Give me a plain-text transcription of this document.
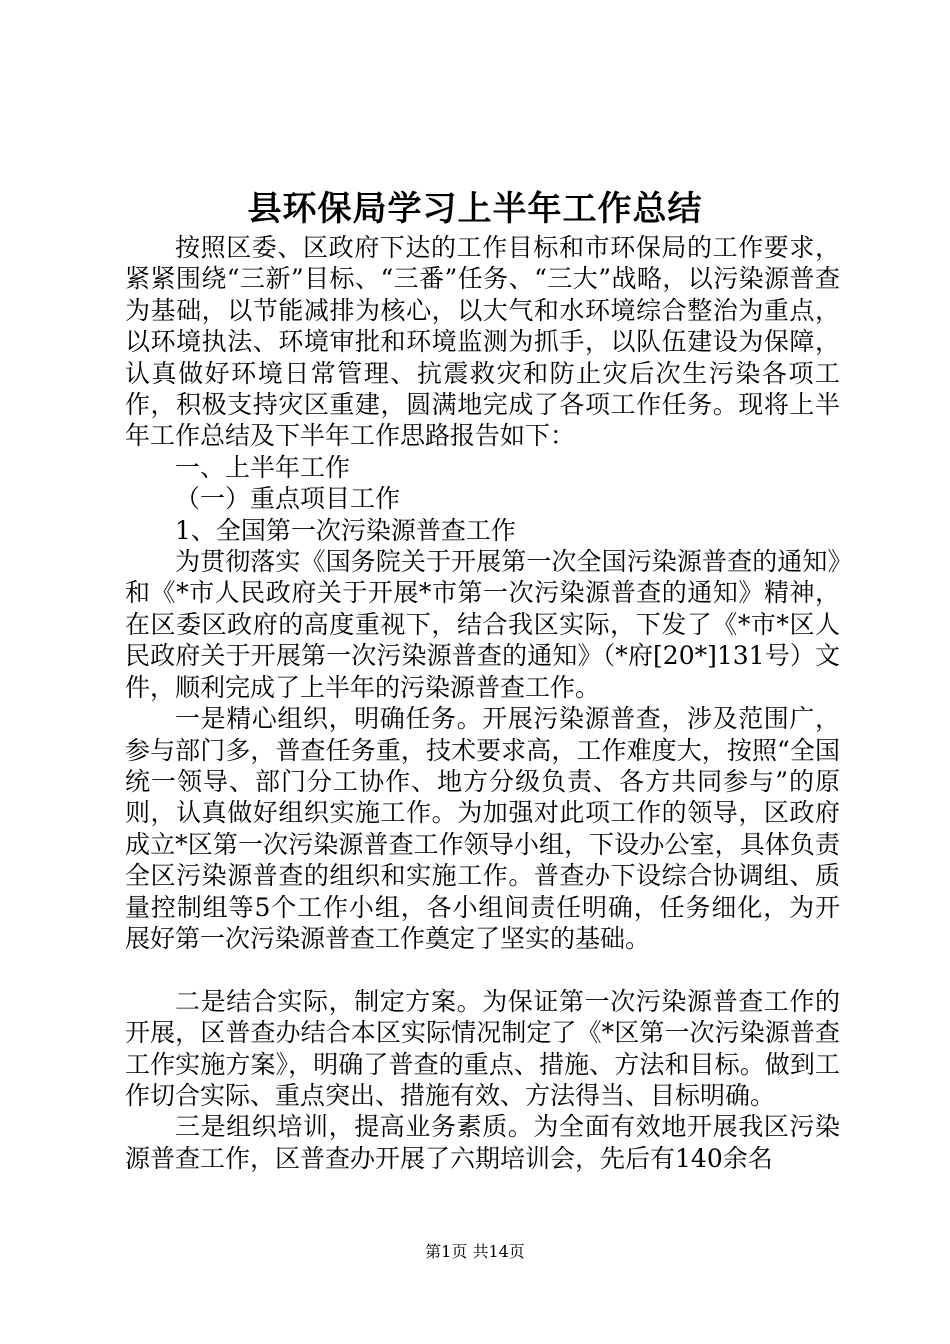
县环保局学习上半年工作总结

按照区委、区政府下达的工作目标和市环保局的工作要求，紧紧围绕“三新”目标、“三番”任务、“三大”战略，以污染源普查为基础，以节能减排为核心，以大气和水环境综合整治为重点，以环境执法、环境审批和环境监测为抓手，以队伍建设为保障，认真做好环境日常管理、抗震救灾和防止灾后次生污染各项工作，积极支持灾区重建，圆满地完成了各项工作任务。现将上半年工作总结及下半年工作思路报告如下：

一、上半年工作

（一）重点项目工作

1、全国第一次污染源普查工作

为贯彻落实《国务院关于开展第一次全国污染源普查的通知》和《*市人民政府关于开展*市第一次污染源普查的通知》精神，在区委区政府的高度重视下，结合我区实际，下发了《*市*区人民政府关于开展第一次污染源普查的通知》（*府[20*]131号）文件，顺利完成了上半年的污染源普查工作。

一是精心组织，明确任务。开展污染源普查，涉及范围广，参与部门多，普查任务重，技术要求高，工作难度大，按照“全国统一领导、部门分工协作、地方分级负责、各方共同参与”的原则，认真做好组织实施工作。为加强对此项工作的领导，区政府成立*区第一次污染源普查工作领导小组，下设办公室，具体负责全区污染源普查的组织和实施工作。普查办下设综合协调组、质量控制组等5个工作小组，各小组间责任明确，任务细化，为开展好第一次污染源普查工作奠定了坚实的基础。

二是结合实际，制定方案。为保证第一次污染源普查工作的开展，区普查办结合本区实际情况制定了《*区第一次污染源普查工作实施方案》，明确了普查的重点、措施、方法和目标。做到工作切合实际、重点突出、措施有效、方法得当、目标明确。

三是组织培训，提高业务素质。为全面有效地开展我区污染源普查工作，区普查办开展了六期培训会，先后有140余名

第1页 共14页
